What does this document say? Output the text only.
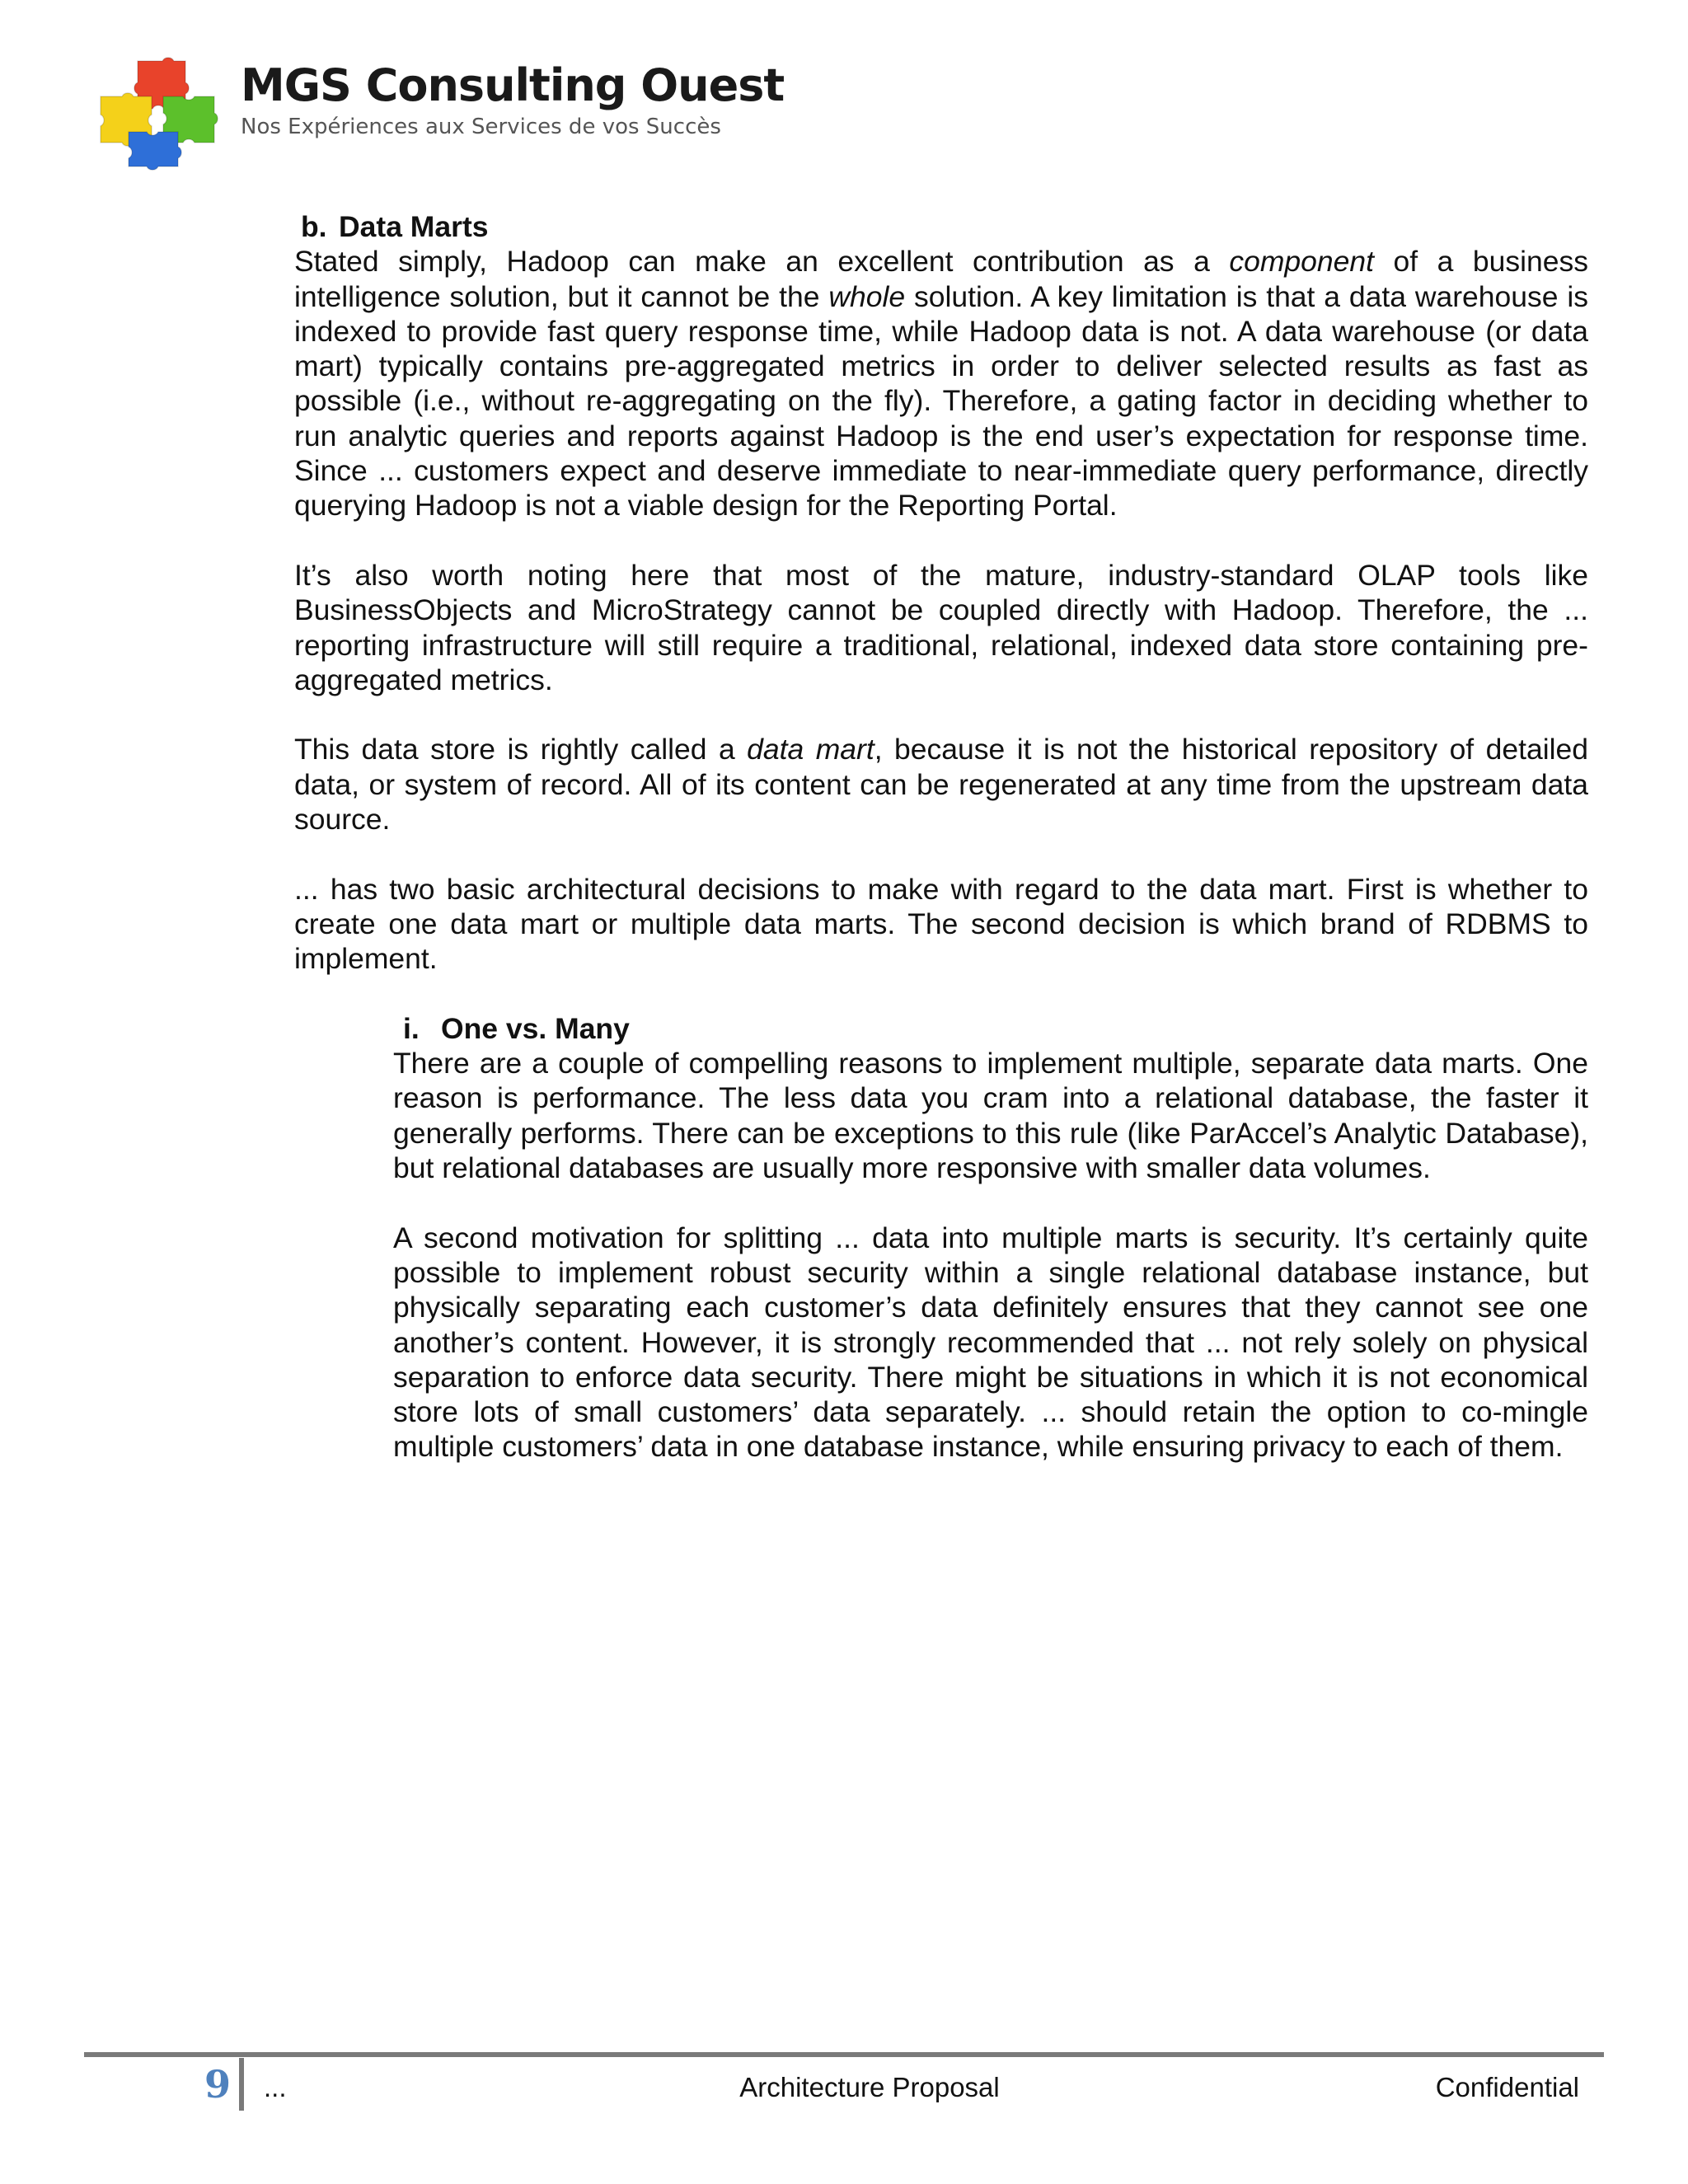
MGS Consulting Ouest
Nos Expériences aux Services de vos Succès
b. Data Marts

Stated simply, Hadoop can make an excellent contribution as a component of a business intelligence solution, but it cannot be the whole solution. A key limitation is that a data warehouse is indexed to provide fast query response time, while Hadoop data is not. A data warehouse (or data mart) typically contains pre-aggregated metrics in order to deliver selected results as fast as possible (i.e., without re-aggregating on the fly). Therefore, a gating factor in deciding whether to run analytic queries and reports against Hadoop is the end user’s expectation for response time. Since ... customers expect and deserve immediate to near-immediate query performance, directly querying Hadoop is not a viable design for the Reporting Portal.

It’s also worth noting here that most of the mature, industry-standard OLAP tools like BusinessObjects and MicroStrategy cannot be coupled directly with Hadoop. Therefore, the ... reporting infrastructure will still require a traditional, relational, indexed data store containing pre-aggregated metrics.

This data store is rightly called a data mart, because it is not the historical repository of detailed data, or system of record. All of its content can be regenerated at any time from the upstream data source.

... has two basic architectural decisions to make with regard to the data mart. First is whether to create one data mart or multiple data marts. The second decision is which brand of RDBMS to implement.

i. One vs. Many

There are a couple of compelling reasons to implement multiple, separate data marts. One reason is performance. The less data you cram into a relational database, the faster it generally performs. There can be exceptions to this rule (like ParAccel’s Analytic Database), but relational databases are usually more responsive with smaller data volumes.

A second motivation for splitting ... data into multiple marts is security. It’s certainly quite possible to implement robust security within a single relational database instance, but physically separating each customer’s data definitely ensures that they cannot see one another’s content. However, it is strongly recommended that ... not rely solely on physical separation to enforce data security. There might be situations in which it is not economical store lots of small customers’ data separately. ... should retain the option to co-mingle multiple customers’ data in one database instance, while ensuring privacy to each of them.

9 ...	Architecture Proposal	Confidential
